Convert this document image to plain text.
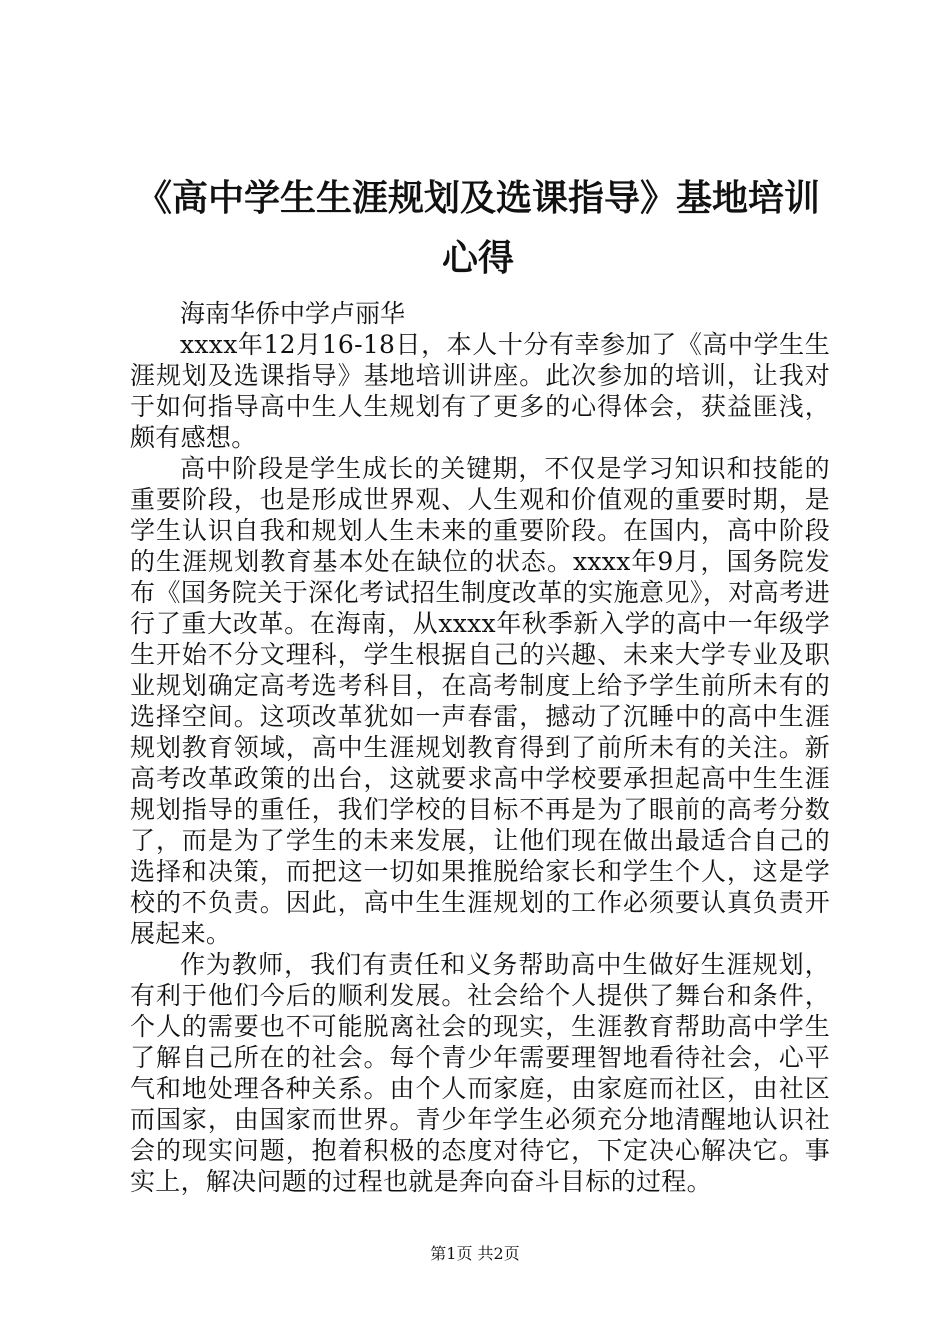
《高中学生生涯规划及选课指导》基地培训心得

海南华侨中学卢丽华

xxxx年12月16-18日，本人十分有幸参加了《高中学生生涯规划及选课指导》基地培训讲座。此次参加的培训，让我对于如何指导高中生人生规划有了更多的心得体会，获益匪浅，颇有感想。

高中阶段是学生成长的关键期，不仅是学习知识和技能的重要阶段，也是形成世界观、人生观和价值观的重要时期，是学生认识自我和规划人生未来的重要阶段。在国内，高中阶段的生涯规划教育基本处在缺位的状态。xxxx年9月，国务院发布《国务院关于深化考试招生制度改革的实施意见》，对高考进行了重大改革。在海南，从xxxx年秋季新入学的高中一年级学生开始不分文理科，学生根据自己的兴趣、未来大学专业及职业规划确定高考选考科目，在高考制度上给予学生前所未有的选择空间。这项改革犹如一声春雷，撼动了沉睡中的高中生涯规划教育领域，高中生涯规划教育得到了前所未有的关注。新高考改革政策的出台，这就要求高中学校要承担起高中生生涯规划指导的重任，我们学校的目标不再是为了眼前的高考分数了，而是为了学生的未来发展，让他们现在做出最适合自己的选择和决策，而把这一切如果推脱给家长和学生个人，这是学校的不负责。因此，高中生生涯规划的工作必须要认真负责开展起来。

作为教师，我们有责任和义务帮助高中生做好生涯规划，有利于他们今后的顺利发展。社会给个人提供了舞台和条件，个人的需要也不可能脱离社会的现实，生涯教育帮助高中学生了解自己所在的社会。每个青少年需要理智地看待社会，心平气和地处理各种关系。由个人而家庭，由家庭而社区，由社区而国家，由国家而世界。青少年学生必须充分地清醒地认识社会的现实问题，抱着积极的态度对待它，下定决心解决它。事实上，解决问题的过程也就是奔向奋斗目标的过程。

第1页 共2页
